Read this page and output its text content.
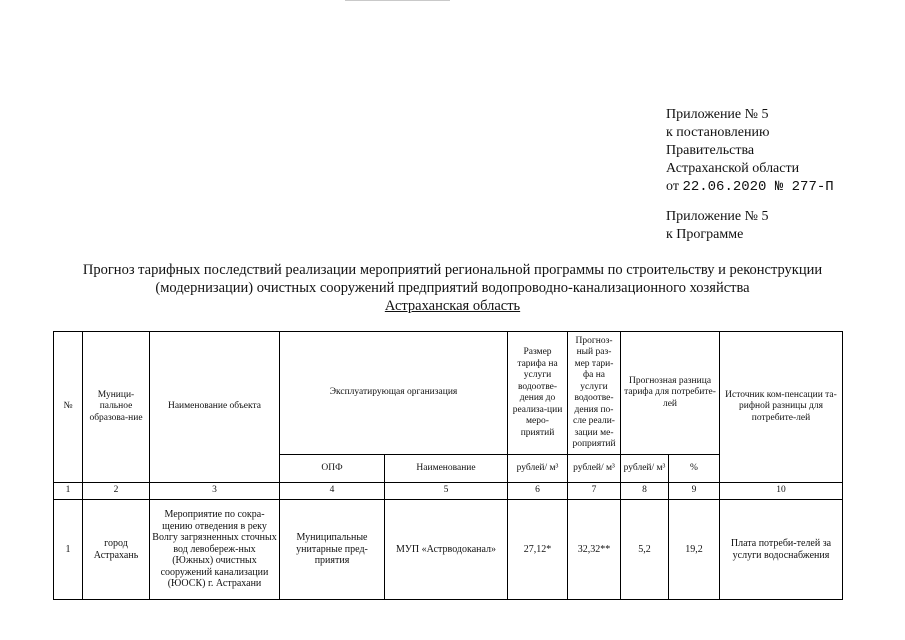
Приложение № 5
к постановлению
Правительства
Астраханской области
от 22.06.2020 № 277-П
Приложение № 5
к Программе
Прогноз тарифных последствий реализации мероприятий региональной программы по строительству и реконструкции
(модернизации) очистных сооружений предприятий водопроводно-канализационного хозяйства
Астраханская область
№	Муници-пальное образова-ние	Наименование объекта	Эксплуатирующая организация		Размер тарифа на услуги водоотве-дения до реализа-ции меро-приятий	Прогноз-ный раз-мер тари-фа на услуги водоотве-дения по-сле реали-зации ме-роприятий	Прогнозная разница тарифа для потребите-лей		Источник ком-пенсации та-рифной разницы для потребите-лей
			ОПФ	Наименование	рублей/ м³	рублей/ м³	рублей/ м³	%	
1	2	3	4	5	6	7	8	9	10
1	город Астрахань	Мероприятие по сокра-щению отведения в реку Волгу загрязненных сточных вод левобереж-ных (Южных) очистных сооружений канализации (ЮОСК) г. Астрахани	Муниципальные унитарные пред-приятия	МУП «Астрводоканал»	27,12*	32,32**	5,2	19,2	Плата потреби-телей за услуги водоснабжения
